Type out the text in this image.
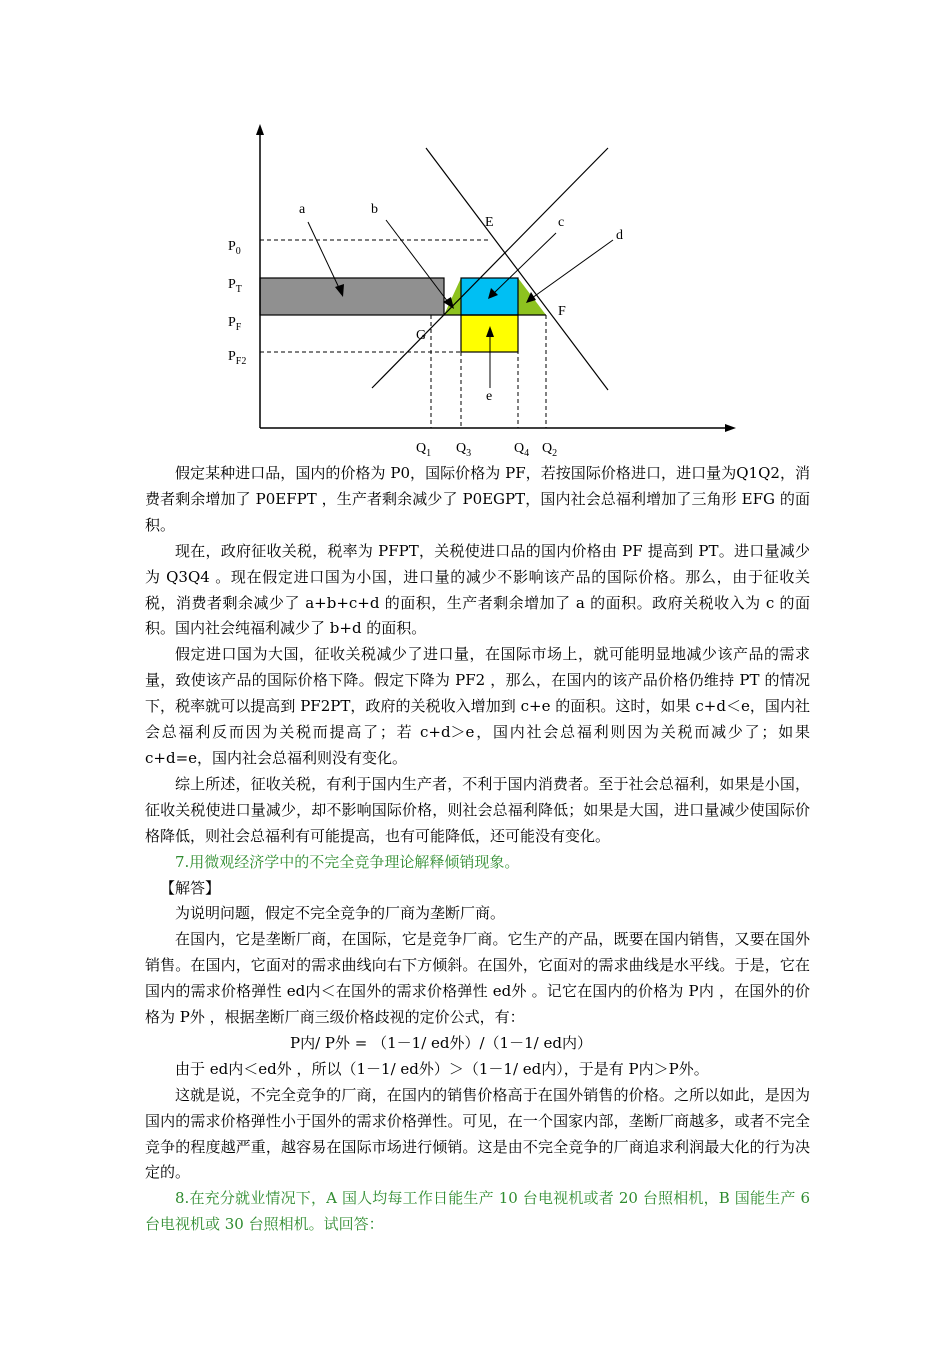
a	b
c
d
e
E
F
G
$P_0$
$P_T$
$P_F$
$P_{F2}$
$Q_1$ $Q_3$	$Q_4$ $Q_2$

假定某种进口品，国内的价格为 P0，国际价格为 PF，若按国际价格进口，进口量为Q1Q2，消费者剩余增加了 P0EFPT ，生产者剩余减少了 P0EGPT，国内社会总福利增加了三角形 EFG 的面积。

现在，政府征收关税，税率为 PFPT，关税使进口品的国内价格由 PF 提高到 PT。进口量减少为 Q3Q4 。现在假定进口国为小国，进口量的减少不影响该产品的国际价格。那么，由于征收关税，消费者剩余减少了 a+b+c+d 的面积，生产者剩余增加了 a 的面积。政府关税收入为 c 的面积。国内社会纯福利减少了 b+d 的面积。

假定进口国为大国，征收关税减少了进口量，在国际市场上，就可能明显地减少该产品的需求量，致使该产品的国际价格下降。假定下降为 PF2 ，那么，在国内的该产品价格仍维持 PT 的情况下，税率就可以提高到 PF2PT，政府的关税收入增加到 c+e 的面积。这时，如果 c+d＜e，国内社会总福利反而因为关税而提高了；若 c+d＞e，国内社会总福利则因为关税而减少了；如果 c+d=e，国内社会总福利则没有变化。

综上所述，征收关税，有利于国内生产者，不利于国内消费者。至于社会总福利，如果是小国，征收关税使进口量减少，却不影响国际价格，则社会总福利降低；如果是大国，进口量减少使国际价格降低，则社会总福利有可能提高，也有可能降低，还可能没有变化。

7.用微观经济学中的不完全竞争理论解释倾销现象。

【解答】

为说明问题，假定不完全竞争的厂商为垄断厂商。

在国内，它是垄断厂商，在国际，它是竞争厂商。它生产的产品，既要在国内销售，又要在国外销售。在国内，它面对的需求曲线向右下方倾斜。在国外，它面对的需求曲线是水平线。于是，它在国内的需求价格弹性 ed内＜在国外的需求价格弹性 ed外 。记它在国内的价格为 P内 ，在国外的价格为 P外 ，根据垄断厂商三级价格歧视的定价公式，有：

P内/ P外 = （1－1/ ed外）/（1－1/ ed内）

由于 ed内＜ed外 ，所以（1－1/ ed外）＞（1－1/ ed内），于是有 P内＞P外。

这就是说，不完全竞争的厂商，在国内的销售价格高于在国外销售的价格。之所以如此，是因为国内的需求价格弹性小于国外的需求价格弹性。可见，在一个国家内部，垄断厂商越多，或者不完全竞争的程度越严重，越容易在国际市场进行倾销。这是由不完全竞争的厂商追求利润最大化的行为决定的。

8.在充分就业情况下，A 国人均每工作日能生产 10 台电视机或者 20 台照相机，B 国能生产 6 台电视机或 30 台照相机。试回答：
